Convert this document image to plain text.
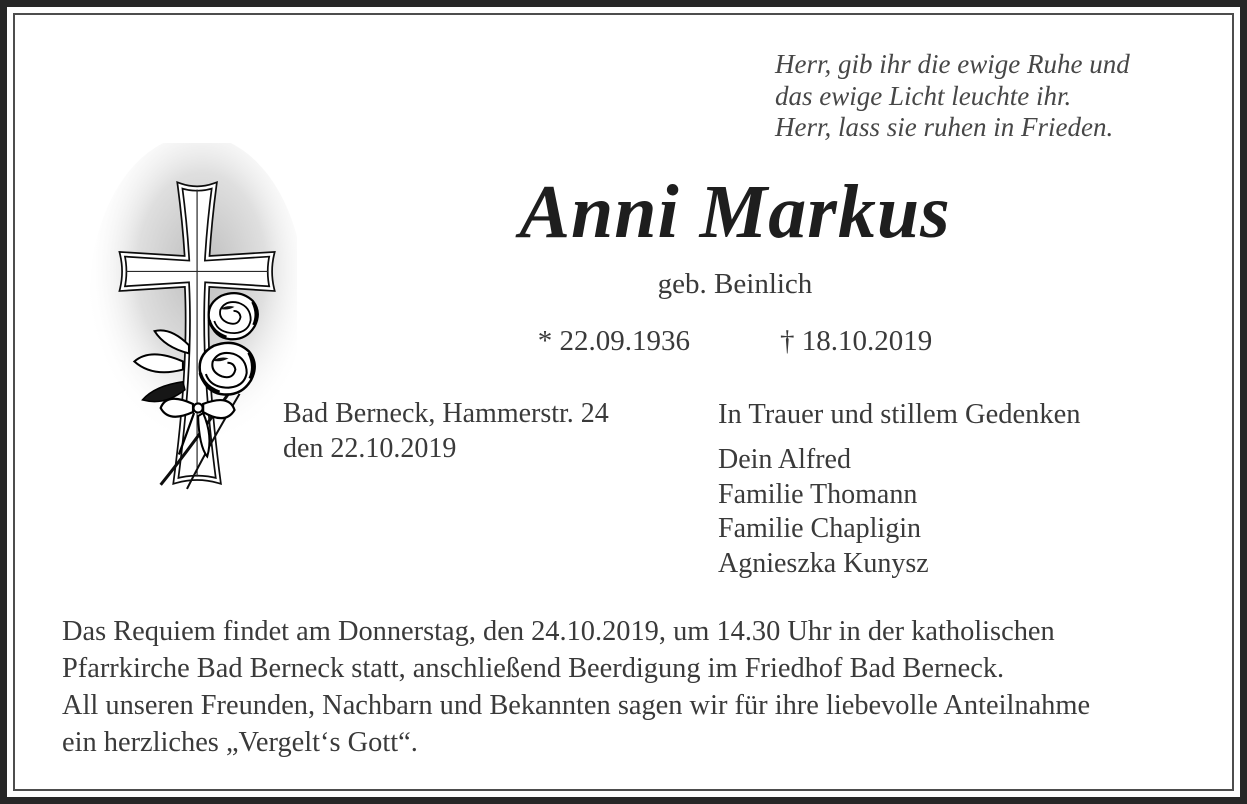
Herr, gib ihr die ewige Ruhe und
das ewige Licht leuchte ihr.
Herr, lass sie ruhen in Frieden.
Anni Markus
geb. Beinlich
* 22.09.1936	† 18.10.2019
Bad Berneck, Hammerstr. 24
den 22.10.2019
In Trauer und stillem Gedenken
Dein Alfred
Familie Thomann
Familie Chapligin
Agnieszka Kunysz
Das Requiem findet am Donnerstag, den 24.10.2019, um 14.30 Uhr in der katholischen
Pfarrkirche Bad Berneck statt, anschließend Beerdigung im Friedhof Bad Berneck.
All unseren Freunden, Nachbarn und Bekannten sagen wir für ihre liebevolle Anteilnahme
ein herzliches „Vergelt‘s Gott“.
